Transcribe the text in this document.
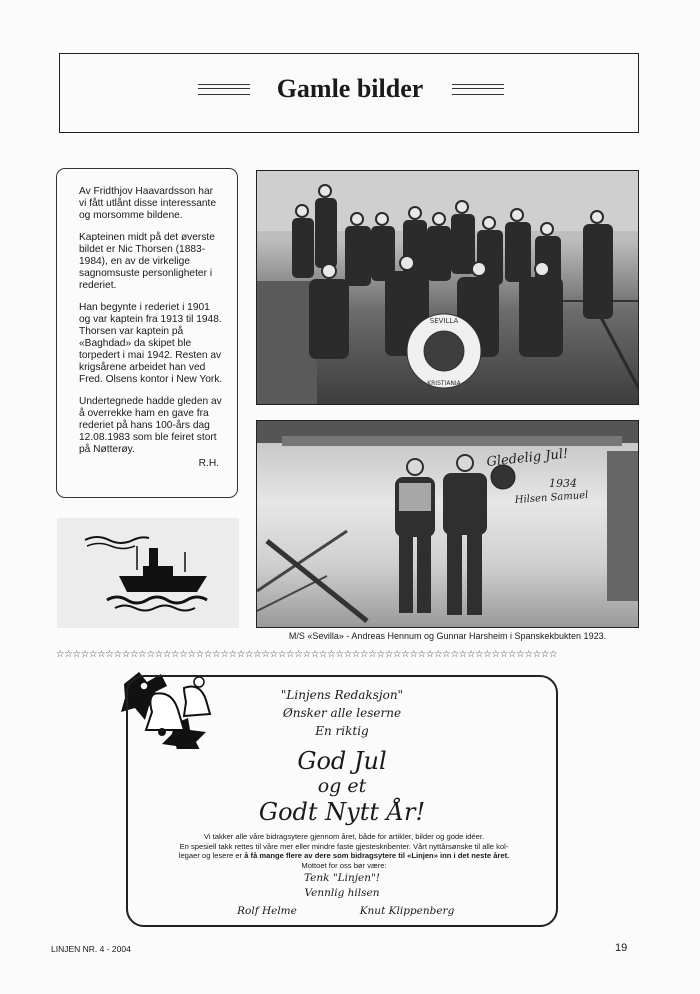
Gamle bilder

Av Fridthjov Haavardsson har vi fått utlånt disse interessante og morsomme bildene.

Kapteinen midt på det øverste bildet er Nic Thorsen (1883-1984), en av de virkelige sagnomsuste personligheter i rederiet.

Han begynte i rederiet i 1901 og var kaptein fra 1913 til 1948. Thorsen var kaptein på «Baghdad» da skipet ble torpedert i mai 1942. Resten av krigsårene arbeidet han ved Fred. Olsens kontor i New York.

Undertegnede hadde gleden av å overrekke ham en gave fra rederiet på hans 100-års dag 12.08.1983 som ble feiret stort på Nøtterøy.

R.H.
SEVILLA
KRISTIANIA
Gledelig Jul!
1934
Hilsen Samuel
M/S «Sevilla» - Andreas Hennum og Gunnar Harsheim i Spanskekbukten 1923.
☆☆☆☆☆☆☆☆☆☆☆☆☆☆☆☆☆☆☆☆☆☆☆☆☆☆☆☆☆☆☆☆☆☆☆☆☆☆☆☆☆☆☆☆☆☆☆☆☆☆☆☆☆☆☆☆☆☆☆☆☆
"Linjens Redaksjon"
Ønsker alle leserne
En riktig
God Jul
og et
Godt Nytt År!
Vi takker alle våre bidragsytere gjennom året, både for artikler, bilder og gode idéer.
En spesiell takk rettes til våre mer eller mindre faste gjesteskribenter. Vårt nyttårsønske til alle kol-
legaer og lesere er å få mange flere av dere som bidragsytere til «Linjen» inn i det neste året.
Mottoet for oss bør være:
Tenk "Linjen"!
Vennlig hilsen
Rolf Helme	Knut Klippenberg
LINJEN NR. 4 - 2004	19
